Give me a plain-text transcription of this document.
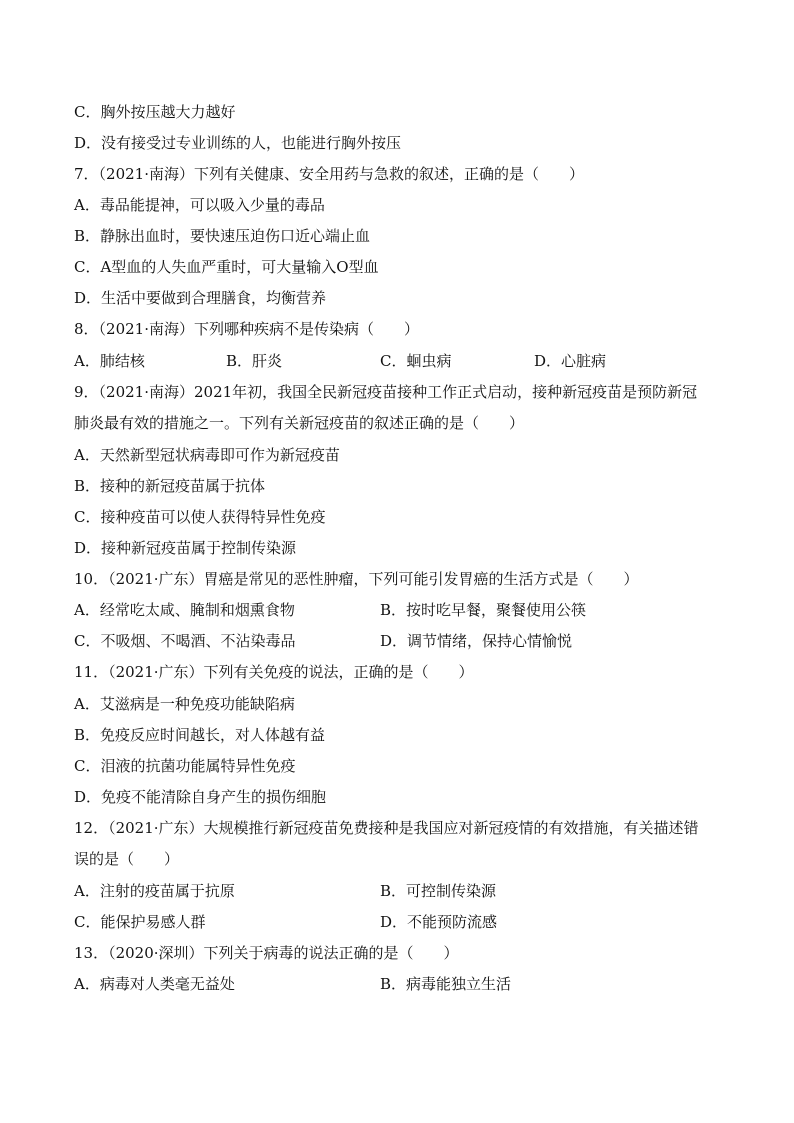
C．胸外按压越大力越好
D．没有接受过专业训练的人，也能进行胸外按压
7．（2021·南海）下列有关健康、安全用药与急救的叙述，正确的是（　　）
A．毒品能提神，可以吸入少量的毒品
B．静脉出血时，要快速压迫伤口近心端止血
C．A型血的人失血严重时，可大量输入O型血
D．生活中要做到合理膳食，均衡营养
8．（2021·南海）下列哪种疾病不是传染病（　　）
A．肺结核	B．肝炎	C．蛔虫病	D．心脏病
9．（2021·南海）2021年初，我国全民新冠疫苗接种工作正式启动，接种新冠疫苗是预防新冠
肺炎最有效的措施之一。下列有关新冠疫苗的叙述正确的是（　　）
A．天然新型冠状病毒即可作为新冠疫苗
B．接种的新冠疫苗属于抗体
C．接种疫苗可以使人获得特异性免疫
D．接种新冠疫苗属于控制传染源
10．（2021·广东）胃癌是常见的恶性肿瘤，下列可能引发胃癌的生活方式是（　　）
A．经常吃太咸、腌制和烟熏食物	B．按时吃早餐，聚餐使用公筷
C．不吸烟、不喝酒、不沾染毒品	D．调节情绪，保持心情愉悦
11．（2021·广东）下列有关免疫的说法，正确的是（　　）
A．艾滋病是一种免疫功能缺陷病
B．免疫反应时间越长，对人体越有益
C．泪液的抗菌功能属特异性免疫
D．免疫不能清除自身产生的损伤细胞
12．（2021·广东）大规模推行新冠疫苗免费接种是我国应对新冠疫情的有效措施，有关描述错
误的是（　　）
A．注射的疫苗属于抗原	B．可控制传染源
C．能保护易感人群	D．不能预防流感
13．（2020·深圳）下列关于病毒的说法正确的是（　　）
A．病毒对人类毫无益处	B．病毒能独立生活
